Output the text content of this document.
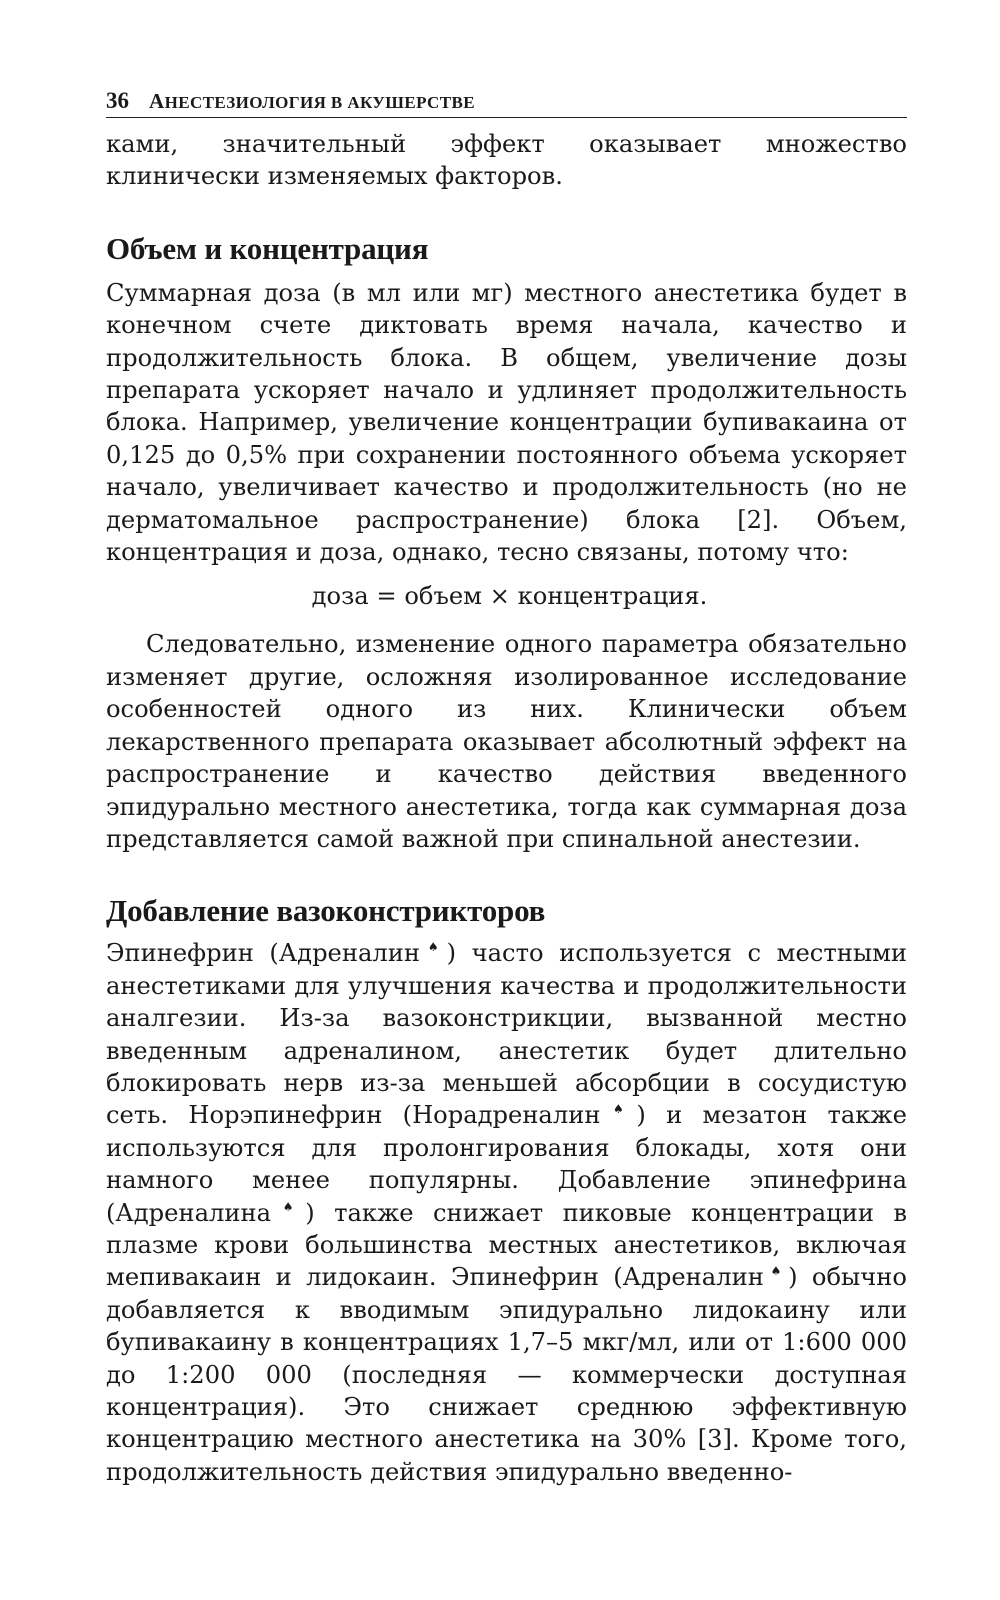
36 АНЕСТЕЗИОЛОГИЯ В АКУШЕРСТВЕ

ками, значительный эффект оказывает множество клинически изменяемых факторов.

Объем и концентрация

Суммарная доза (в мл или мг) местного анестетика будет в конечном счете диктовать время начала, качество и продолжительность блока. В общем, увеличение дозы препарата ускоряет начало и удлиняет продолжительность блока. Например, увеличение концентрации бупивакаина от 0,125 до 0,5% при сохранении постоянного объема ускоряет начало, увеличивает качество и продолжительность (но не дерматомальное распространение) блока [2]. Объем, концентрация и доза, однако, тесно связаны, потому что:

доза = объем × концентрация.

Следовательно, изменение одного параметра обязательно изменяет другие, осложняя изолированное исследование особенностей одного из них. Клинически объем лекарственного препарата оказывает абсолютный эффект на распространение и качество действия введенного эпидурально местного анестетика, тогда как суммарная доза представляется самой важной при спинальной анестезии.

Добавление вазоконстрикторов

Эпинефрин (Адреналин♠) часто используется с местными анестетиками для улучшения качества и продолжительности аналгезии. Из-за вазоконстрикции, вызванной местно введенным адреналином, анестетик будет длительно блокировать нерв из-за меньшей абсорбции в сосудистую сеть. Норэпинефрин (Норадреналин♠) и мезатон также используются для пролонгирования блокады, хотя они намного менее популярны. Добавление эпинефрина (Адреналина♠) также снижает пиковые концентрации в плазме крови большинства местных анестетиков, включая мепивакаин и лидокаин. Эпинефрин (Адреналин♠) обычно добавляется к вводимым эпидурально лидокаину или бупивакаину в концентрациях 1,7–5 мкг/мл, или от 1:600 000 до 1:200 000 (последняя — коммерчески доступная концентрация). Это снижает среднюю эффективную концентрацию местного анестетика на 30% [3]. Кроме того, продолжительность действия эпидурально введенно-
